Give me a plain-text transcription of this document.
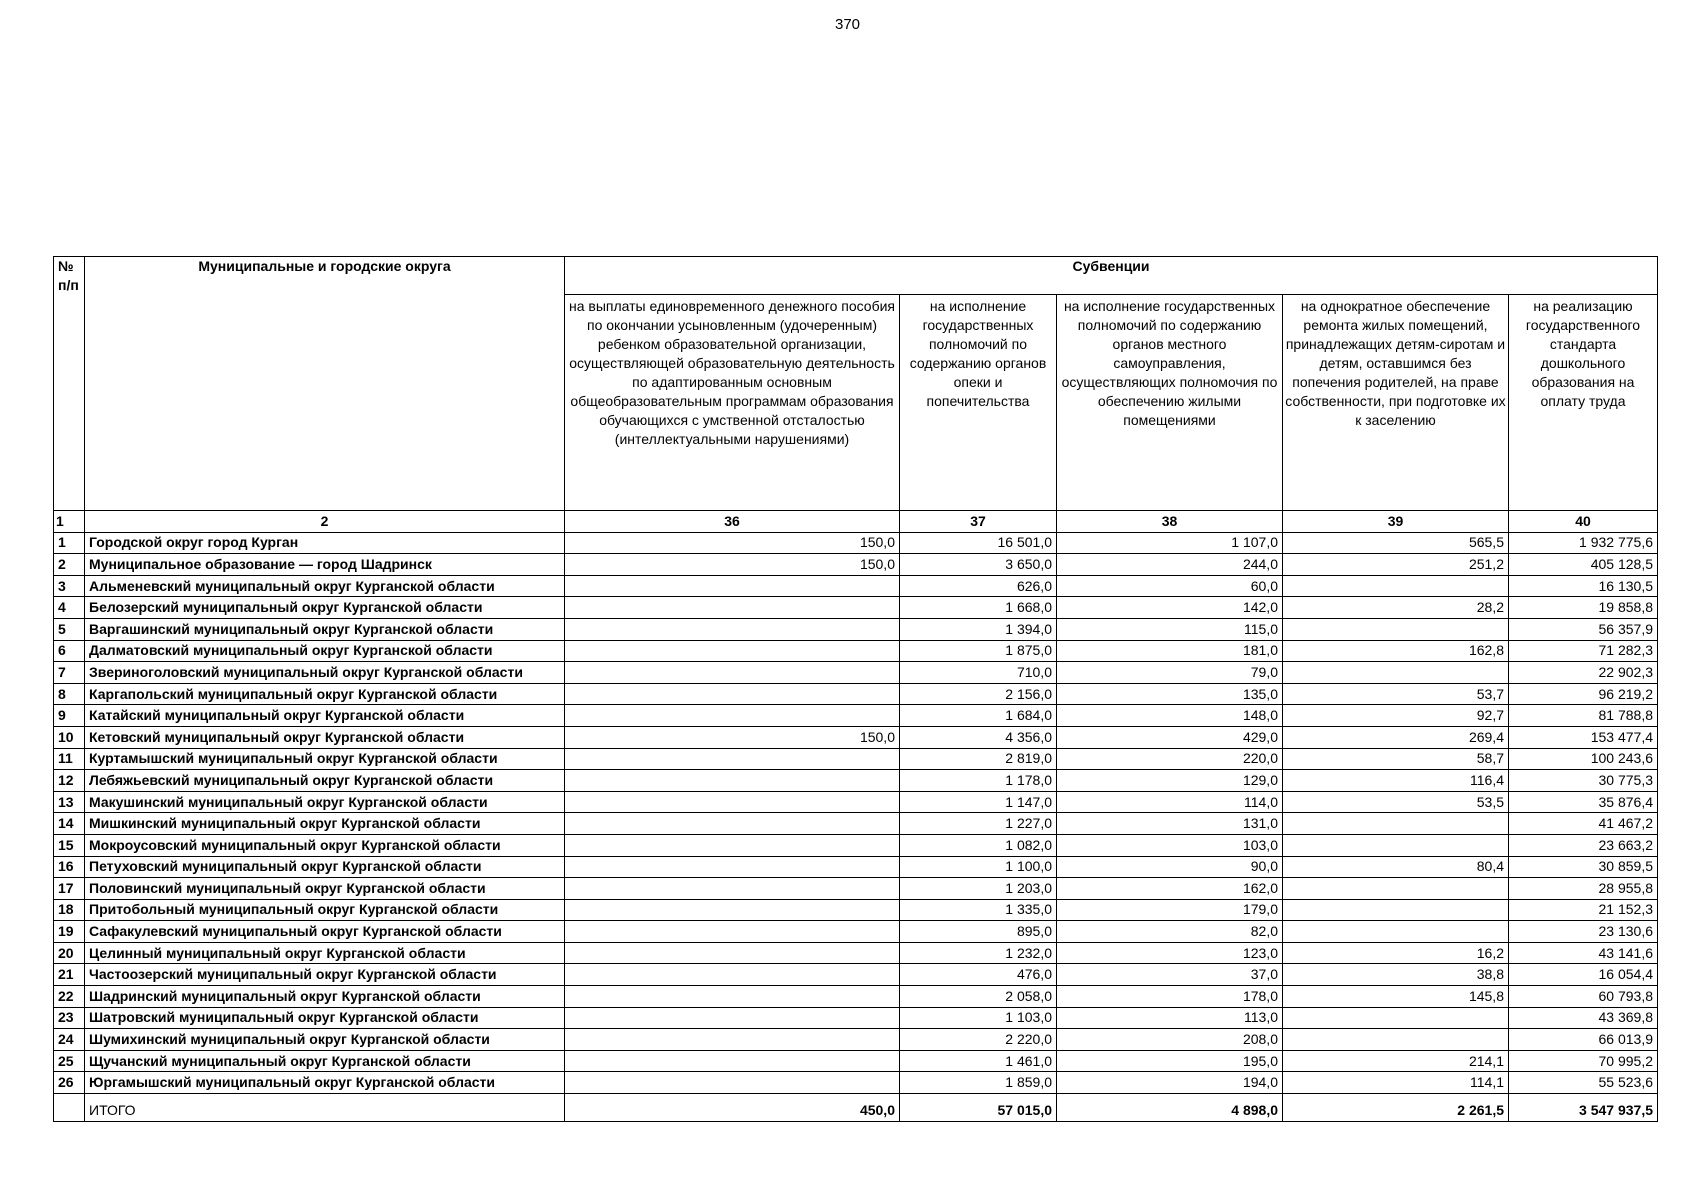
370
№ п/п	Муниципальные и городские округа	Субвенции				
		на выплаты единовременного денежного пособия по окончании усыновленным (удочеренным) ребенком образовательной организации, осуществляющей образовательную деятельность по адаптированным основным общеобразовательным программам образования обучающихся с умственной отсталостью (интеллектуальными нарушениями)	на исполнение государственных полномочий по содержанию органов опеки и попечительства	на исполнение государственных полномочий по содержанию органов местного самоуправления, осуществляющих полномочия по обеспечению жилыми помещениями	на однократное обеспечение ремонта жилых помещений, принадлежащих детям-сиротам и детям, оставшимся без попечения родителей, на праве собственности, при подготовке их к заселению	на реализацию государственного стандарта дошкольного образования на оплату труда
1	2	36	37	38	39	40
1	Городской округ город Курган	150,0	16 501,0	1 107,0	565,5	1 932 775,6
2	Муниципальное образование — город Шадринск	150,0	3 650,0	244,0	251,2	405 128,5
3	Альменевский муниципальный округ Курганской области		626,0	60,0		16 130,5
4	Белозерский муниципальный округ Курганской области		1 668,0	142,0	28,2	19 858,8
5	Варгашинский муниципальный округ Курганской области		1 394,0	115,0		56 357,9
6	Далматовский муниципальный округ Курганской области		1 875,0	181,0	162,8	71 282,3
7	Звериноголовский муниципальный округ Курганской области		710,0	79,0		22 902,3
8	Каргапольский муниципальный округ Курганской области		2 156,0	135,0	53,7	96 219,2
9	Катайский муниципальный округ Курганской области		1 684,0	148,0	92,7	81 788,8
10	Кетовский муниципальный округ Курганской области	150,0	4 356,0	429,0	269,4	153 477,4
11	Куртамышский муниципальный округ Курганской области		2 819,0	220,0	58,7	100 243,6
12	Лебяжьевский муниципальный округ Курганской области		1 178,0	129,0	116,4	30 775,3
13	Макушинский муниципальный округ Курганской области		1 147,0	114,0	53,5	35 876,4
14	Мишкинский муниципальный округ Курганской области		1 227,0	131,0		41 467,2
15	Мокроусовский муниципальный округ Курганской области		1 082,0	103,0		23 663,2
16	Петуховский муниципальный округ Курганской области		1 100,0	90,0	80,4	30 859,5
17	Половинский муниципальный округ Курганской области		1 203,0	162,0		28 955,8
18	Притобольный муниципальный округ Курганской области		1 335,0	179,0		21 152,3
19	Сафакулевский муниципальный округ Курганской области		895,0	82,0		23 130,6
20	Целинный муниципальный округ Курганской области		1 232,0	123,0	16,2	43 141,6
21	Частоозерский муниципальный округ Курганской области		476,0	37,0	38,8	16 054,4
22	Шадринский муниципальный округ Курганской области		2 058,0	178,0	145,8	60 793,8
23	Шатровский муниципальный округ Курганской области		1 103,0	113,0		43 369,8
24	Шумихинский муниципальный округ Курганской области		2 220,0	208,0		66 013,9
25	Щучанский муниципальный округ Курганской области		1 461,0	195,0	214,1	70 995,2
26	Юргамышский муниципальный округ Курганской области		1 859,0	194,0	114,1	55 523,6
	ИТОГО	450,0	57 015,0	4 898,0	2 261,5	3 547 937,5
